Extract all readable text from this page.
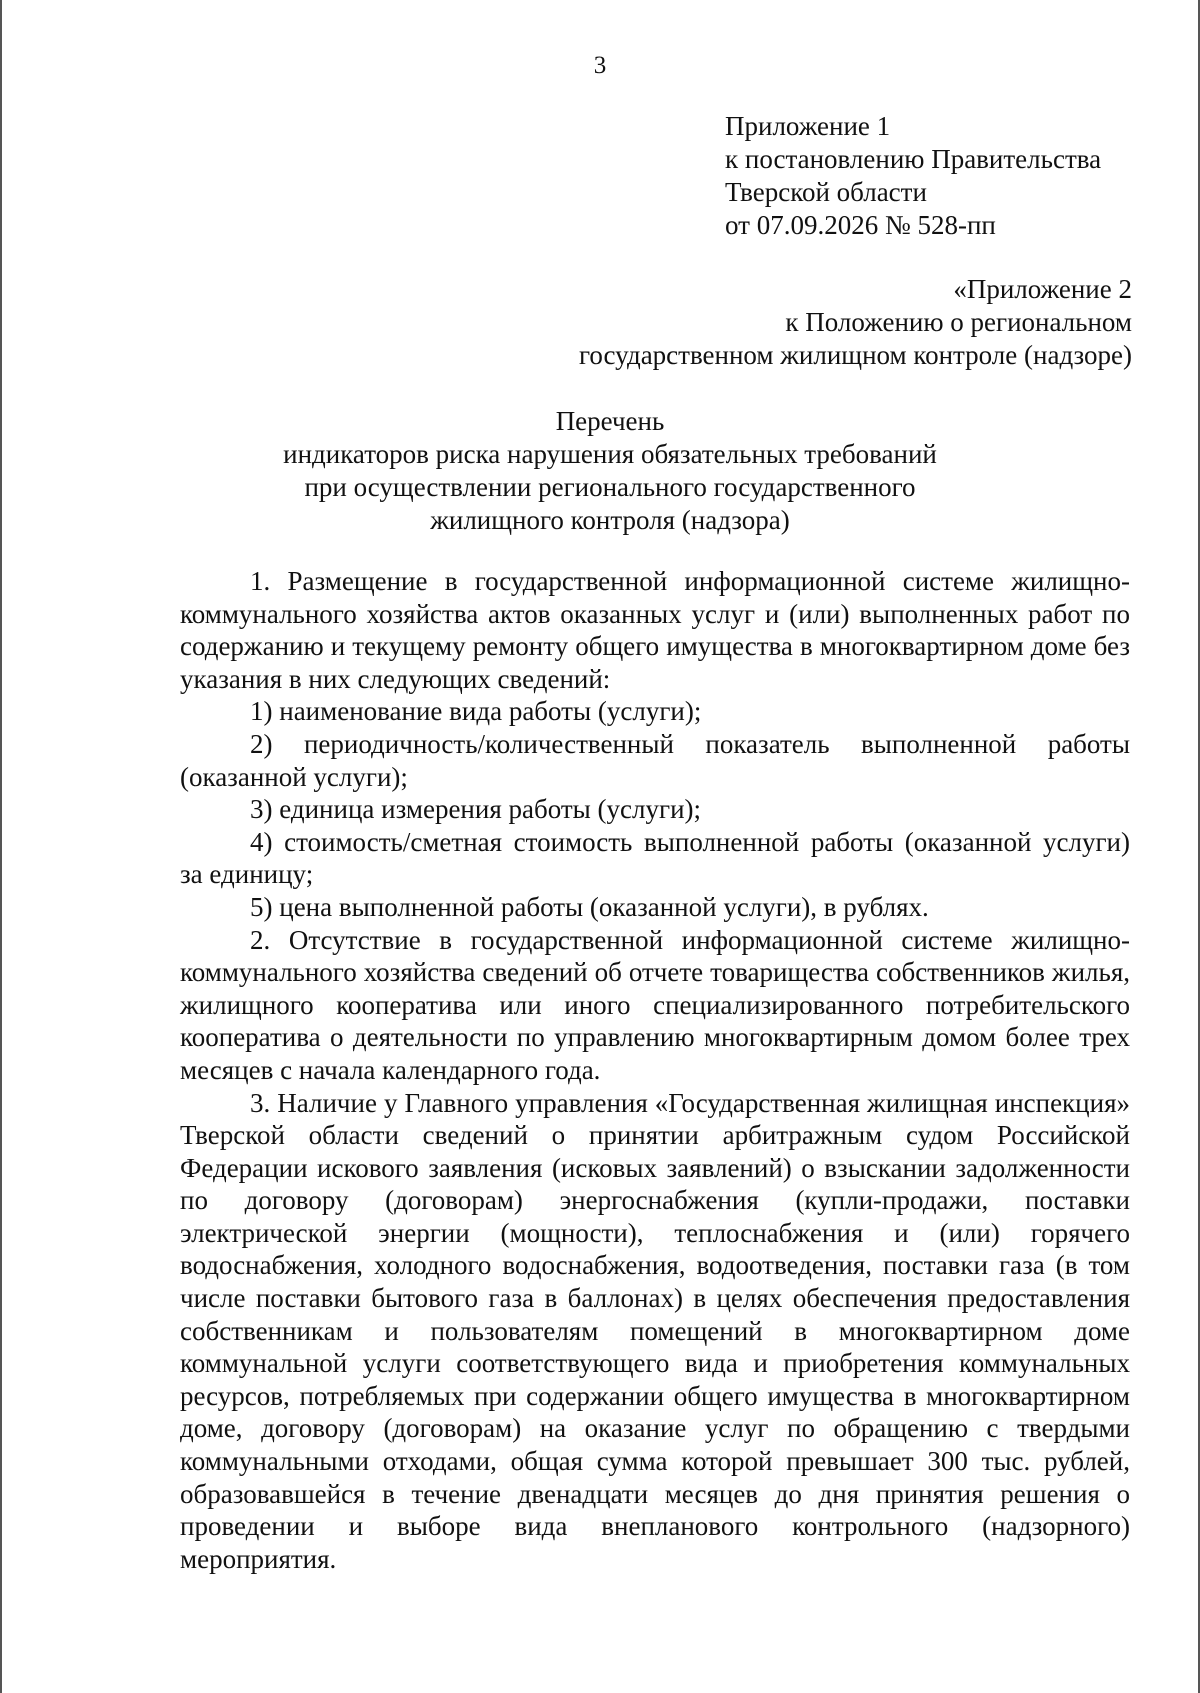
3
Приложение 1
к постановлению Правительства
Тверской области
от 07.09.2026 № 528-пп
«Приложение 2
к Положению о региональном
государственном жилищном контроле (надзоре)
Перечень
индикаторов риска нарушения обязательных требований
при осуществлении регионального государственного
жилищного контроля (надзора)

1. Размещение в государственной информационной системе жилищно-коммунального хозяйства актов оказанных услуг и (или) выполненных работ по содержанию и текущему ремонту общего имущества в многоквартирном доме без указания в них следующих сведений:

1) наименование вида работы (услуги);

2) периодичность/количественный показатель выполненной работы (оказанной услуги);

3) единица измерения работы (услуги);

4) стоимость/сметная стоимость выполненной работы (оказанной услуги) за единицу;

5) цена выполненной работы (оказанной услуги), в рублях.

2. Отсутствие в государственной информационной системе жилищно-коммунального хозяйства сведений об отчете товарищества собственников жилья, жилищного кооператива или иного специализированного потребительского кооператива о деятельности по управлению многоквартирным домом более трех месяцев с начала календарного года.

3. Наличие у Главного управления «Государственная жилищная инспекция» Тверской области сведений о принятии арбитражным судом Российской Федерации искового заявления (исковых заявлений) о взыскании задолженности по договору (договорам) энергоснабжения (купли-продажи, поставки электрической энергии (мощности), теплоснабжения и (или) горячего водоснабжения, холодного водоснабжения, водоотведения, поставки газа (в том числе поставки бытового газа в баллонах) в целях обеспечения предоставления собственникам и пользователям помещений в многоквартирном доме коммунальной услуги соответствующего вида и приобретения коммунальных ресурсов, потребляемых при содержании общего имущества в многоквартирном доме, договору (договорам) на оказание услуг по обращению с твердыми коммунальными отходами, общая сумма которой превышает 300 тыс. рублей, образовавшейся в течение двенадцати месяцев до дня принятия решения о проведении и выборе вида внепланового контрольного (надзорного) мероприятия.
